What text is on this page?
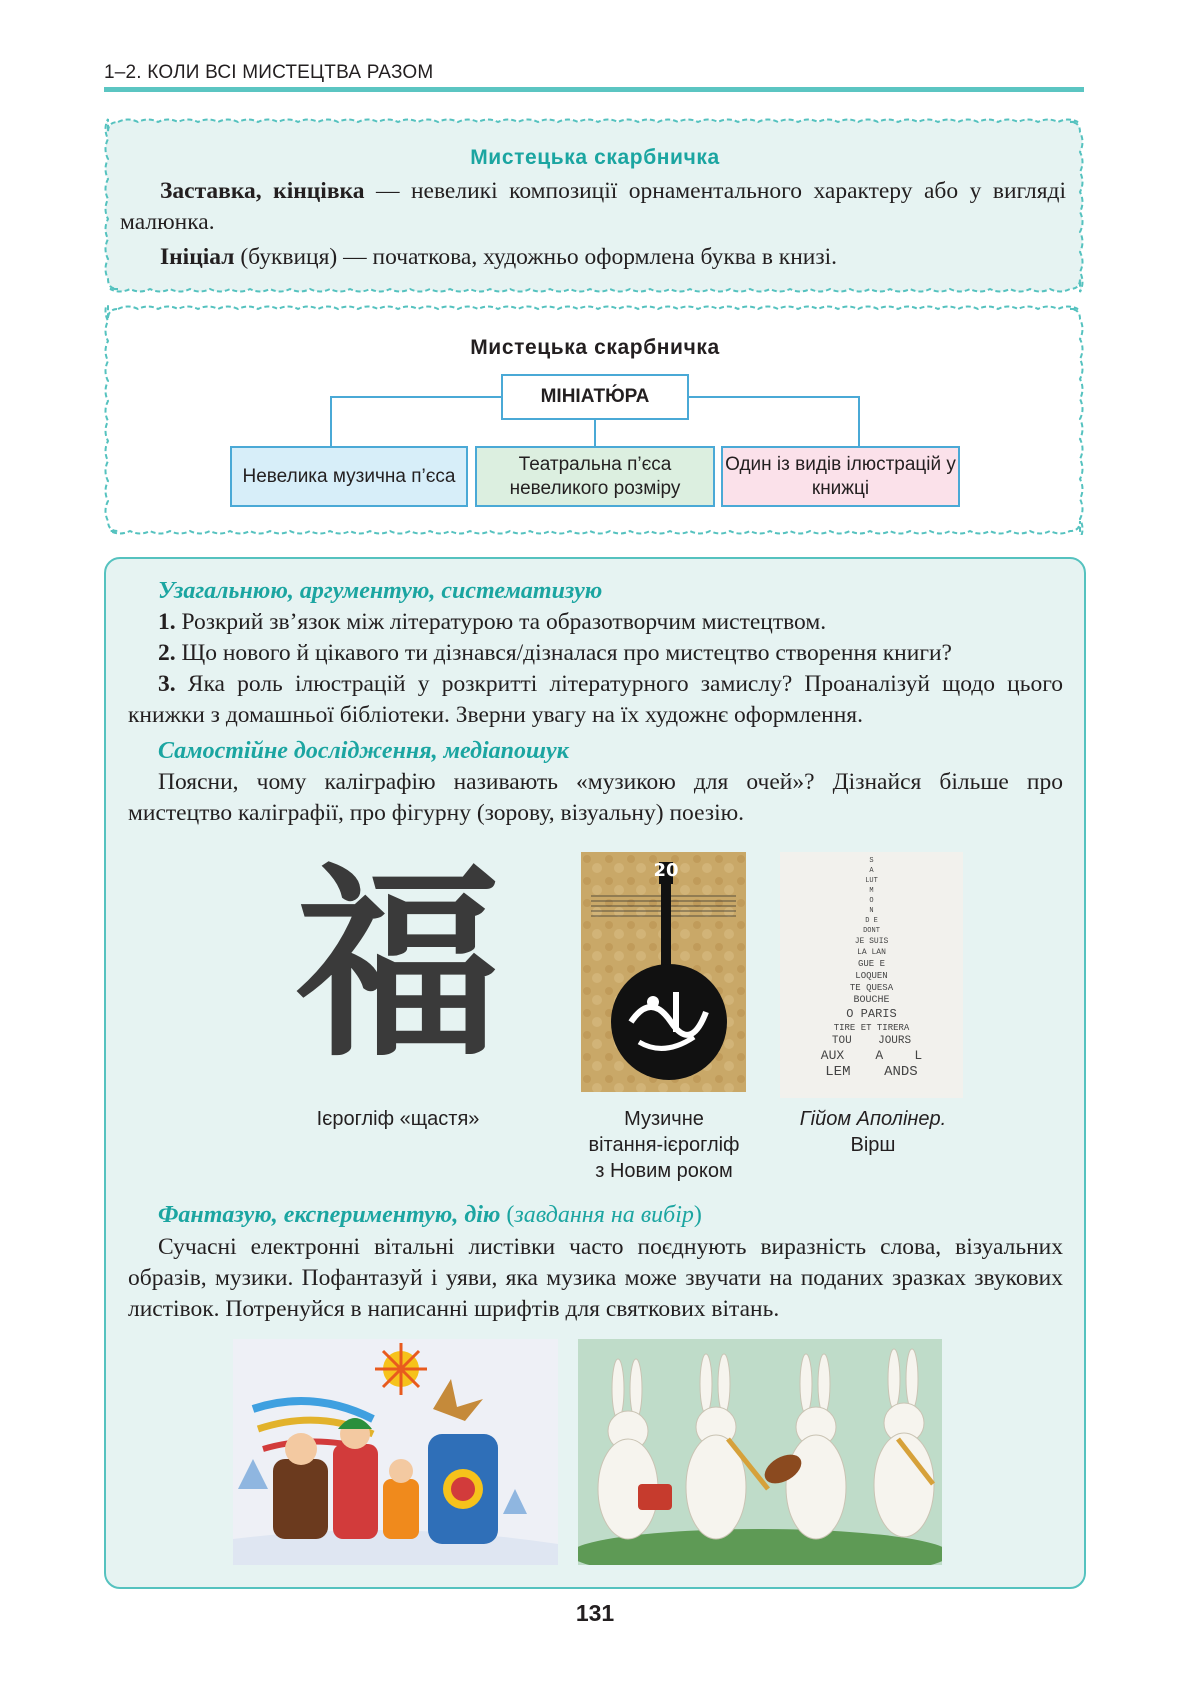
1–2. КОЛИ ВСІ МИСТЕЦТВА РАЗОМ
Мистецька скарбничка

Заставка, кінцівка — невеликі композиції орнаментального характеру або у вигляді малюнка.

Ініціал (буквиця) — початкова, художньо оформлена буква в книзі.

Мистецька скарбничка
МІНІАТЮ́РА
Невелика музична п’єса
Театральна п’єса невеликого розміру
Один із видів ілюстрацій у книжці
Узагальнюю, аргументую, систематизую

1. Розкрий зв’язок між літературою та образотворчим мистецтвом.

2. Що нового й цікавого ти дізнався/дізналася про мистецтво створення книги?

3. Яка роль ілюстрацій у розкритті літературного замислу? Проаналізуй щодо цього книжки з домашньої бібліотеки. Зверни увагу на їх художнє оформлення.

Самостійне дослідження, медіапошук

Поясни, чому каліграфію називають «музикою для очей»? Дізнайся більше про мистецтво каліграфії, про фігурну (зорову, візуальну) поезію.

福	20	S
A
LUT
M
O
N
D E
DONT
JE SUIS
LA LAN
GUE E
LOQUEN
TE QUESA
BOUCHE
O PARIS
TIRE ET TIRERA
TOU    JOURS
AUX    A    L
LEM    ANDS
Ієрогліф «щастя»	Музичне
вітання-ієрогліф
з Новим роком
Гійом Аполінер.
Вірш
Фантазую, експериментую, дію (завдання на вибір)

Сучасні електронні вітальні листівки часто поєднують виразність слова, візуальних образів, музики. Пофантазуй і уяви, яка музика може звучати на поданих зразках звукових листівок. Потренуйся в написанні шрифтів для святкових вітань.

131
